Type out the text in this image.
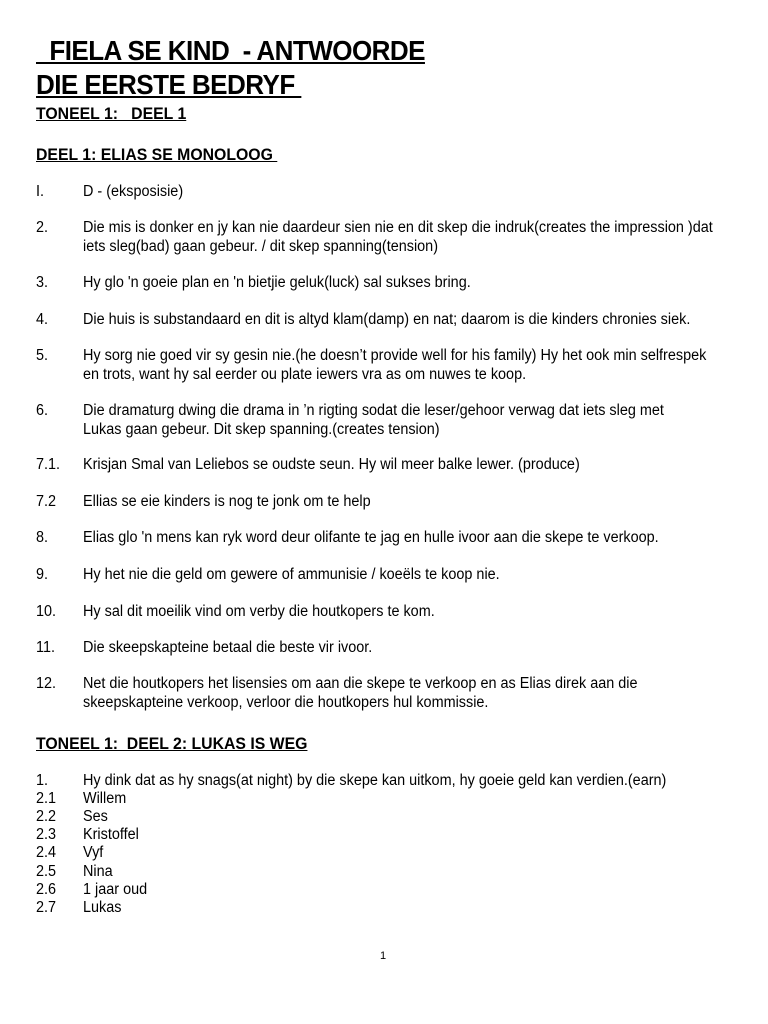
FIELA SE KIND  - ANTWOORDE
DIE EERSTE BEDRYF
TONEEL 1:   DEEL 1
DEEL 1: ELIAS SE MONOLOOG
I.	D - (eksposisie)
2. Die mis is donker en jy kan nie daardeur sien nie en dit skep die indruk(creates the impression )dat
iets sleg(bad) gaan gebeur. / dit skep spanning(tension)
3. Hy glo 'n goeie plan en 'n bietjie geluk(luck) sal sukses bring.
4. Die huis is substandaard en dit is altyd klam(damp) en nat; daarom is die kinders chronies siek.
5. Hy sorg nie goed vir sy gesin nie.(he doesn’t provide well for his family) Hy het ook min selfrespek
en trots, want hy sal eerder ou plate iewers vra as om nuwes te koop.
6. Die dramaturg dwing die drama in ’n rigting sodat die leser/gehoor verwag dat iets sleg met
Lukas gaan gebeur. Dit skep spanning.(creates tension)
7.1. Krisjan Smal van Leliebos se oudste seun. Hy wil meer balke lewer. (produce)
7.2 Ellias se eie kinders is nog te jonk om te help
8. Elias glo 'n mens kan ryk word deur olifante te jag en hulle ivoor aan die skepe te verkoop.
9. Hy het nie die geld om gewere of ammunisie / koeëls te koop nie.
10. Hy sal dit moeilik vind om verby die houtkopers te kom.
11. Die skeepskapteine betaal die beste vir ivoor.
12. Net die houtkopers het lisensies om aan die skepe te verkoop en as Elias direk aan die
skeepskapteine verkoop, verloor die houtkopers hul kommissie.
TONEEL 1:  DEEL 2: LUKAS IS WEG
1. Hy dink dat as hy snags(at night) by die skepe kan uitkom, hy goeie geld kan verdien.(earn)
2.1 Willem
2.2 Ses
2.3 Kristoffel
2.4 Vyf
2.5 Nina
2.6 1 jaar oud
2.7 Lukas
1
